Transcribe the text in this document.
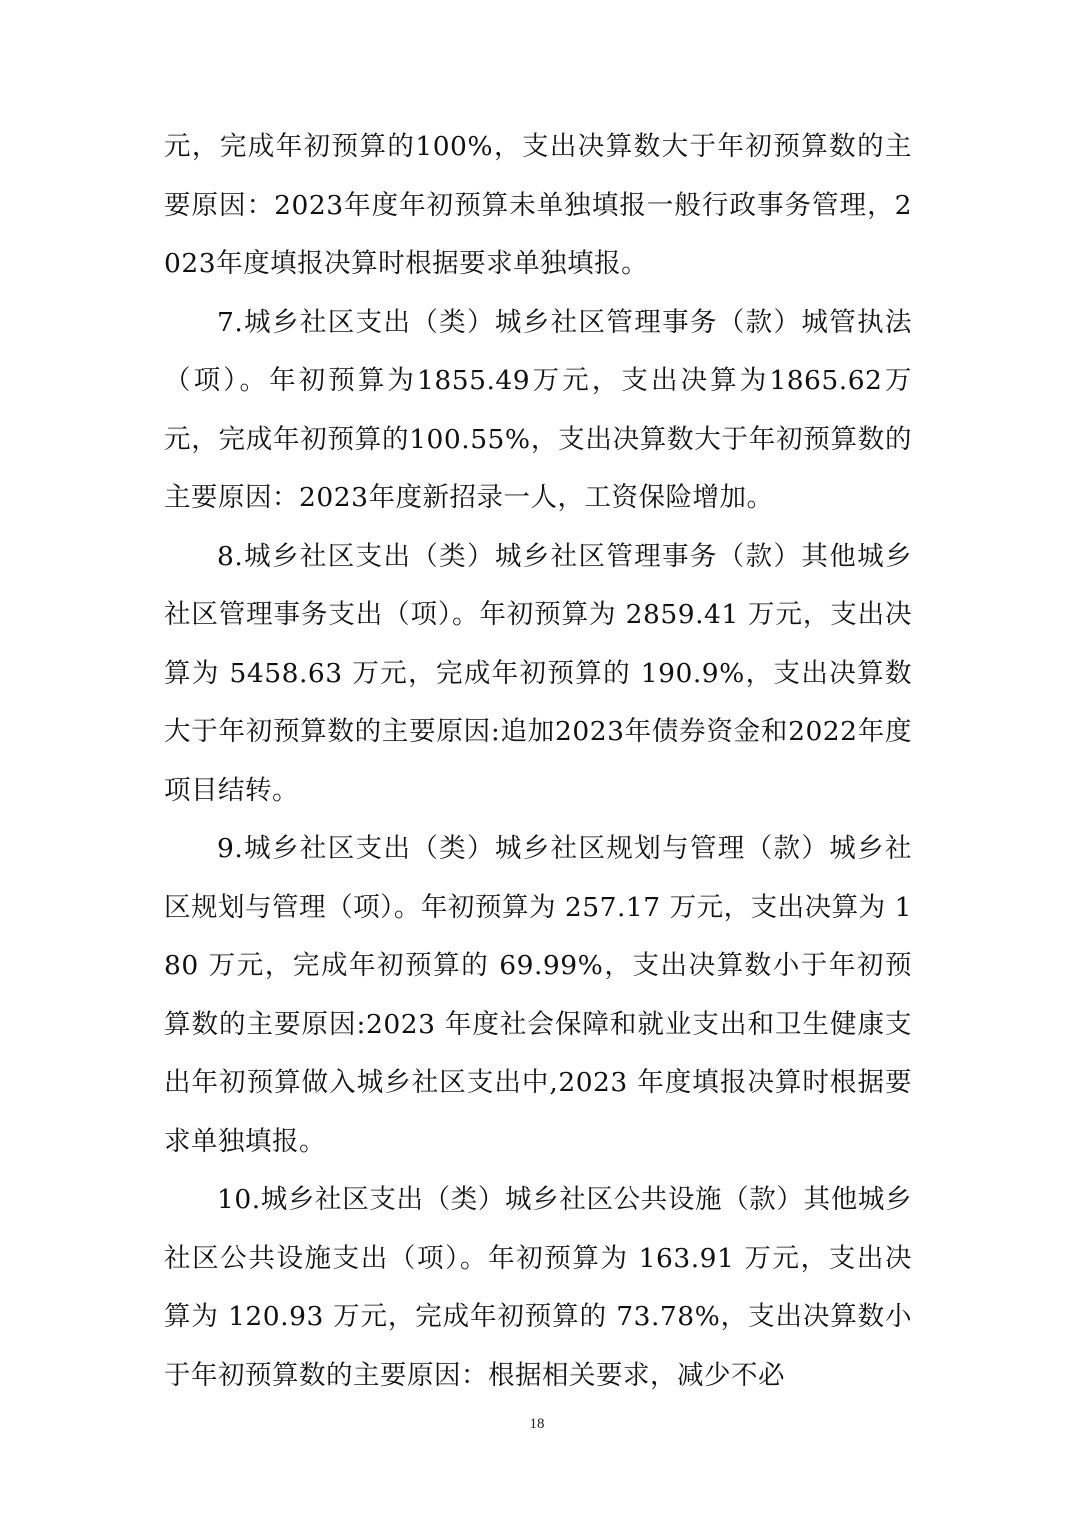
元，完成年初预算的100%，支出决算数大于年初预算数的主要原因：2023年度年初预算未单独填报一般行政事务管理，2023年度填报决算时根据要求单独填报。

7.城乡社区支出（类）城乡社区管理事务（款）城管执法（项）。年初预算为1855.49万元，支出决算为1865.62万元，完成年初预算的100.55%，支出决算数大于年初预算数的主要原因：2023年度新招录一人，工资保险增加。

8.城乡社区支出（类）城乡社区管理事务（款）其他城乡社区管理事务支出（项）。年初预算为 2859.41 万元，支出决算为 5458.63 万元，完成年初预算的 190.9%，支出决算数大于年初预算数的主要原因:追加2023年债券资金和2022年度项目结转。

9.城乡社区支出（类）城乡社区规划与管理（款）城乡社区规划与管理（项）。年初预算为 257.17 万元，支出决算为 180 万元，完成年初预算的 69.99%，支出决算数小于年初预算数的主要原因:2023 年度社会保障和就业支出和卫生健康支出年初预算做入城乡社区支出中,2023 年度填报决算时根据要求单独填报。

10.城乡社区支出（类）城乡社区公共设施（款）其他城乡社区公共设施支出（项）。年初预算为 163.91 万元，支出决算为 120.93 万元，完成年初预算的 73.78%，支出决算数小于年初预算数的主要原因：根据相关要求，减少不必

18
